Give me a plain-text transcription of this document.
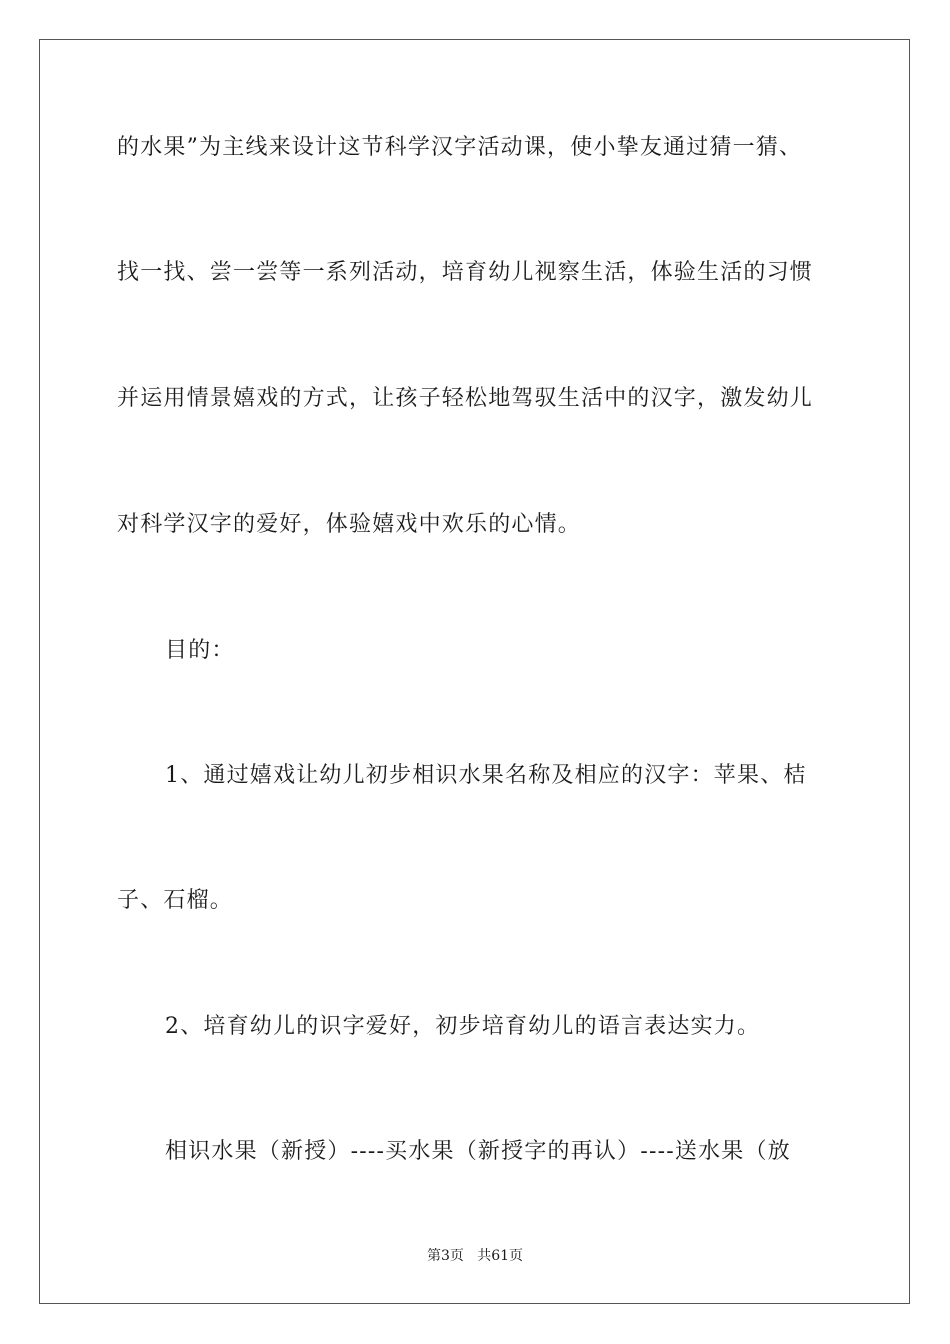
的水果”为主线来设计这节科学汉字活动课，使小挚友通过猜一猜、
找一找、尝一尝等一系列活动，培育幼儿视察生活，体验生活的习惯
并运用情景嬉戏的方式，让孩子轻松地驾驭生活中的汉字，激发幼儿
对科学汉字的爱好，体验嬉戏中欢乐的心情。
目的：
1、通过嬉戏让幼儿初步相识水果名称及相应的汉字：苹果、桔
子、石榴。
2、培育幼儿的识字爱好，初步培育幼儿的语言表达实力。
相识水果（新授）----买水果（新授字的再认）----送水果（放
第3页   共61页
